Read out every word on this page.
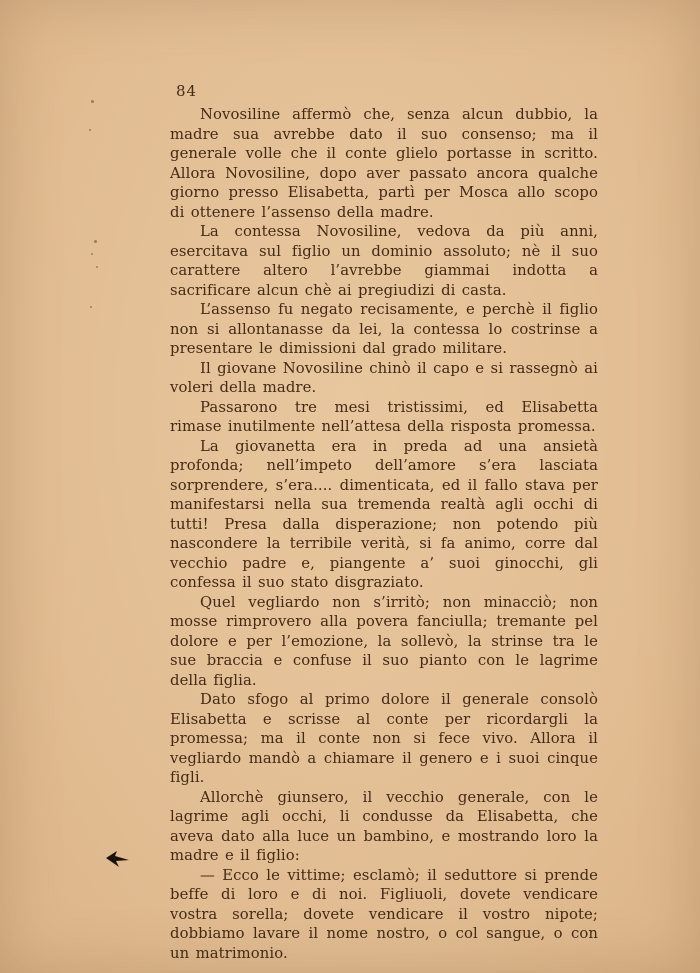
84

Novosiline affermò che, senza alcun dubbio, la madre sua avrebbe dato il suo consenso; ma il generale volle che il conte glielo portasse in scritto. Allora Novosiline, dopo aver passato ancora qualche giorno presso Elisabetta, partì per Mosca allo scopo di ottenere l’assenso della madre.

La contessa Novosiline, vedova da più anni, esercitava sul figlio un dominio assoluto; nè il suo carattere altero l’avrebbe giammai indotta a sacrificare alcun chè ai pregiudizi di casta.

L’assenso fu negato recisamente, e perchè il figlio non si allontanasse da lei, la contessa lo costrinse a presentare le dimissioni dal grado militare.

Il giovane Novosiline chinò il capo e si rassegnò ai voleri della madre.

Passarono tre mesi tristissimi, ed Elisabetta rimase inutilmente nell’attesa della risposta promessa.

La giovanetta era in preda ad una ansietà profonda; nell’impeto dell’amore s’era lasciata sorprendere, s’era.... dimenticata, ed il fallo stava per manifestarsi nella sua tremenda realtà agli occhi di tutti! Presa dalla disperazione; non potendo più nascondere la terribile verità, si fa animo, corre dal vecchio padre e, piangente a’ suoi ginocchi, gli confessa il suo stato disgraziato.

Quel vegliardo non s’irritò; non minacciò; non mosse rimprovero alla povera fanciulla; tremante pel dolore e per l’emozione, la sollevò, la strinse tra le sue braccia e confuse il suo pianto con le lagrime della figlia.

Dato sfogo al primo dolore il generale consolò Elisabetta e scrisse al conte per ricordargli la promessa; ma il conte non si fece vivo. Allora il vegliardo mandò a chiamare il genero e i suoi cinque figli.

Allorchè giunsero, il vecchio generale, con le lagrime agli occhi, li condusse da Elisabetta, che aveva dato alla luce un bambino, e mostrando loro la madre e il figlio:

— Ecco le vittime; esclamò; il seduttore si prende beffe di loro e di noi. Figliuoli, dovete vendicare vostra sorella; dovete vendicare il vostro nipote; dobbiamo lavare il nome nostro, o col sangue, o con un matrimonio.
